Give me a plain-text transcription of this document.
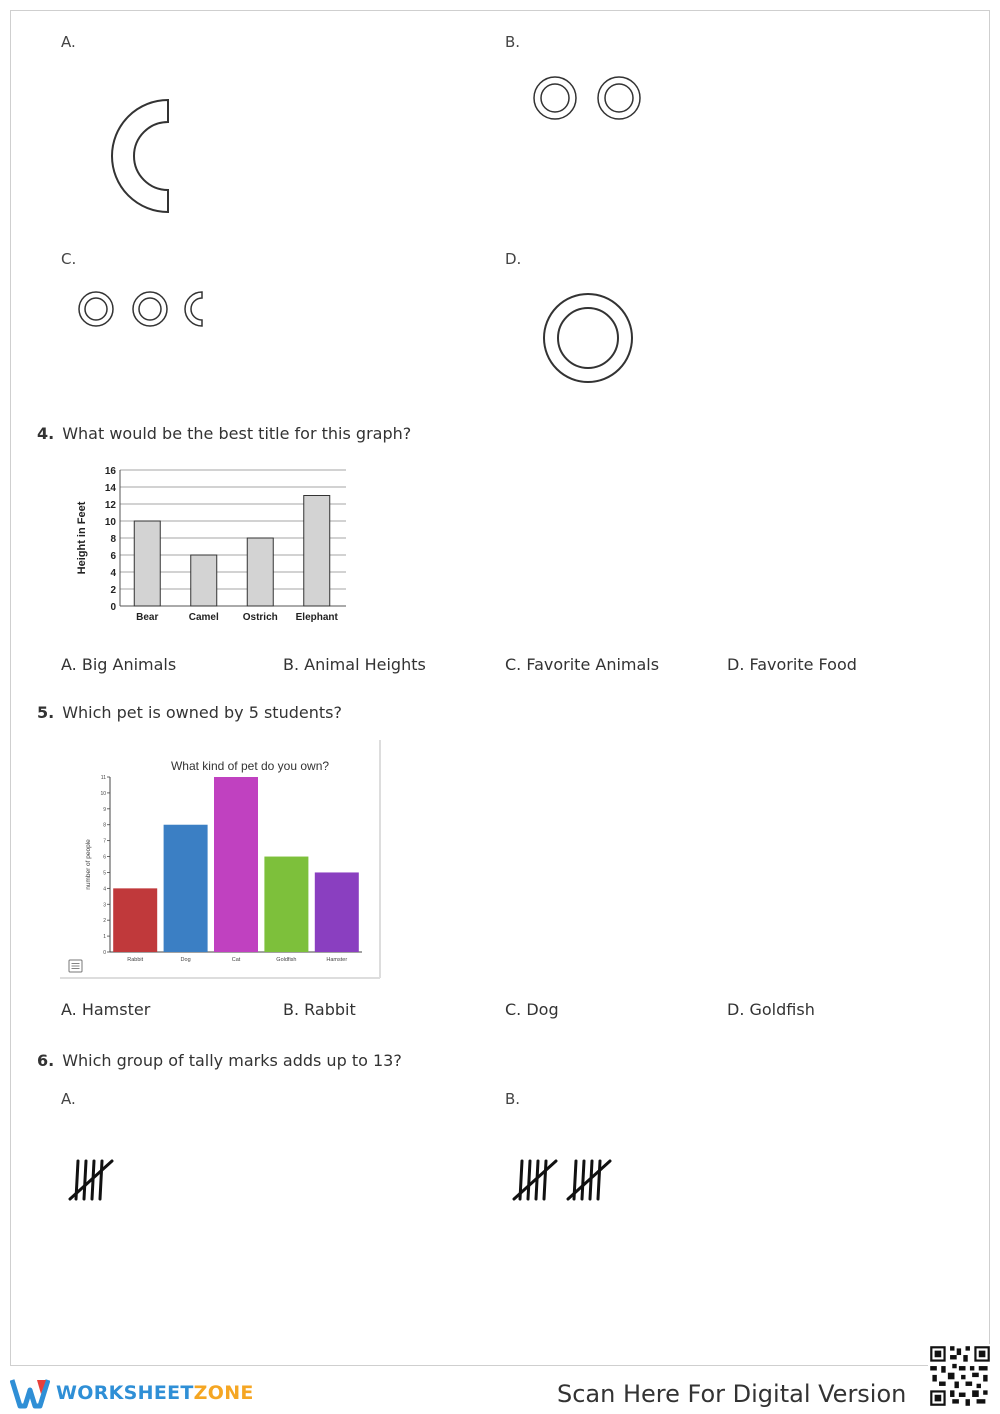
A.	B.
C.	D.
4. What would be the best title for this graph?
0
2
4
6
8
10
12
14
16
Bear	Camel Ostrich Elephant
Height in Feet
A. Big Animals	B. Animal Heights	C. Favorite Animals	D. Favorite Food
5. Which pet is owned by 5 students?
What kind of pet do you own?
0
1
2
3
4
5
6
7
8
9
10
11
Rabbit	Dog	Cat	Goldfish	Hamster
number of people
A. Hamster	B. Rabbit	C. Dog	D. Goldfish
6. Which group of tally marks adds up to 13?
A.	B.
WORKSHEETZONE	Scan Here For Digital Version
